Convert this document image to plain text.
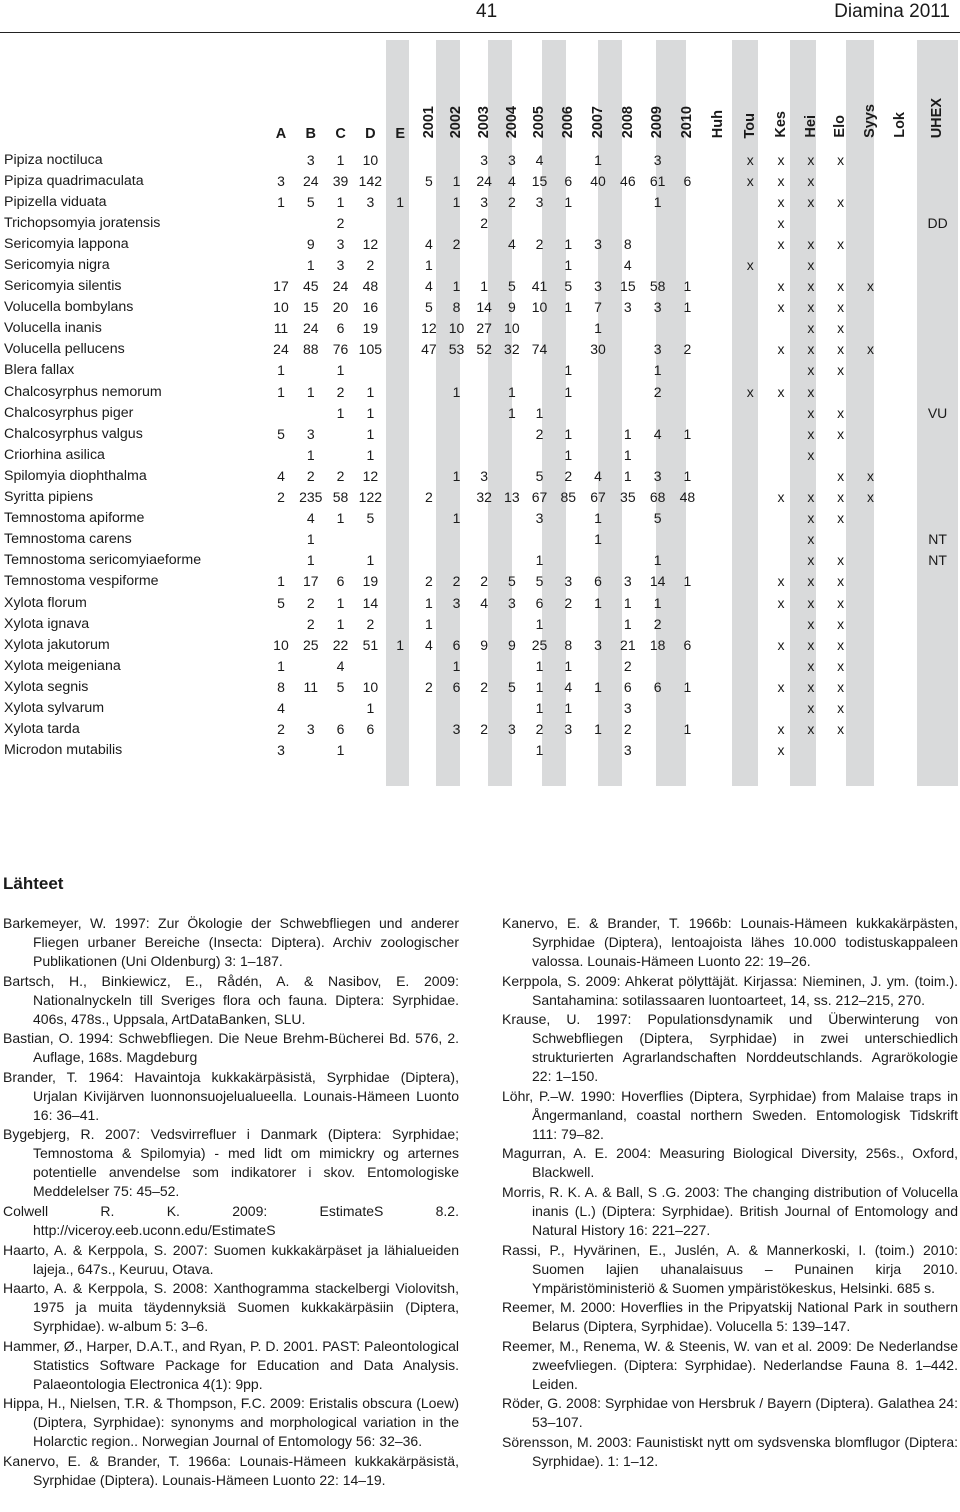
41	Diamina 2011
	A	B	C	D	E	2001	2002	2003	2004	2005	2006	2007	2008	2009	2010	Huh	Tou	Kes	Hei	Elo	Syys	Lok	UHEX
Pipiza noctiluca		3	1	10				3	3	4		1		3			x	x	x	x			
Pipiza quadrimaculata	3	24	39	142		5	1	24	4	15	6	40	46	61	6		x	x	x				
Pipizella viduata	1	5	1	3	1		1	3	2	3	1			1				x	x	x			
Trichopsomyia joratensis			2					2										x					DD
Sericomyia lappona		9	3	12		4	2		4	2	1	3	8					x	x	x			
Sericomyia nigra		1	3	2		1					1		4				x		x				
Sericomyia silentis	17	45	24	48		4	1	1	5	41	5	3	15	58	1			x	x	x	x		
Volucella bombylans	10	15	20	16		5	8	14	9	10	1	7	3	3	1			x	x	x			
Volucella inanis	11	24	6	19		12	10	27	10			1							x	x			
Volucella pellucens	24	88	76	105		47	53	52	32	74		30		3	2			x	x	x	x		
Blera fallax	1		1								1			1					x	x			
Chalcosyrphus nemorum	1	1	2	1			1		1		1			2			x	x	x				
Chalcosyrphus piger			1	1					1	1									x	x			VU
Chalcosyrphus valgus	5	3		1						2	1		1	4	1				x	x			
Criorhina asilica		1		1							1		1						x				
Spilomyia diophthalma	4	2	2	12			1	3		5	2	4	1	3	1					x	x		
Syritta pipiens	2	235	58	122		2		32	13	67	85	67	35	68	48			x	x	x	x		
Temnostoma apiforme		4	1	5			1			3		1		5					x	x			
Temnostoma carens		1										1							x				NT
Temnostoma sericomyiaeforme		1		1						1				1					x	x			NT
Temnostoma vespiforme	1	17	6	19		2	2	2	5	5	3	6	3	14	1			x	x	x			
Xylota florum	5	2	1	14		1	3	4	3	6	2	1	1	1				x	x	x			
Xylota ignava		2	1	2		1				1			1	2					x	x			
Xylota jakutorum	10	25	22	51	1	4	6	9	9	25	8	3	21	18	6			x	x	x			
Xylota meigeniana	1		4				1			1	1		2						x	x			
Xylota segnis	8	11	5	10		2	6	2	5	1	4	1	6	6	1			x	x	x			
Xylota sylvarum	4			1						1	1		3						x	x			
Xylota tarda	2	3	6	6			3	2	3	2	3	1	2		1			x	x	x			
Microdon mutabilis	3		1							1			3					x					
Lähteet

Barkemeyer, W. 1997: Zur Ökologie der Schwebfliegen und anderer Fliegen urbaner Bereiche (Insecta: Diptera). Archiv zoologischer Publikationen (Uni Oldenburg) 3: 1–187.

Bartsch, H., Binkiewicz, E., Rådén, A. & Nasibov, E. 2009: Nationalnyckeln till Sveriges flora och fauna. Diptera: Syrphidae. 406s, 478s., Uppsala, ArtDataBanken, SLU.

Bastian, O. 1994: Schwebfliegen. Die Neue Brehm-Bücherei Bd. 576, 2. Auflage, 168s. Magdeburg

Brander, T. 1964: Havaintoja kukkakärpäsistä, Syrphidae (Diptera), Urjalan Kivijärven luonnonsuojelualueella. Lounais-Hämeen Luonto 16: 36–41.

Bygebjerg, R. 2007: Vedsvirrefluer i Danmark (Diptera: Syrphidae; Temnostoma & Spilomyia) - med lidt om mimickry og arternes potentielle anvendelse som indikatorer i skov. Entomologiske Meddelelser 75: 45–52.

Colwell R. K. 2009: EstimateS 8.2. http://viceroy.eeb.uconn.edu/EstimateS

Haarto, A. & Kerppola, S. 2007: Suomen kukkakärpäset ja lähialueiden lajeja., 647s., Keuruu, Otava.

Haarto, A. & Kerppola, S. 2008: Xanthogramma stackelbergi Violovitsh, 1975 ja muita täydennyksiä Suomen kukkakärpäsiin (Diptera, Syrphidae). w-album 5: 3–6.

Hammer, Ø., Harper, D.A.T., and Ryan, P. D. 2001. PAST: Paleontological Statistics Software Package for Education and Data Analysis. Palaeontologia Electronica 4(1): 9pp.

Hippa, H., Nielsen, T.R. & Thompson, F.C. 2009: Eristalis obscura (Loew) (Diptera, Syrphidae): synonyms and morphological variation in the Holarctic region.. Norwegian Journal of Entomology 56: 32–36.

Kanervo, E. & Brander, T. 1966a: Lounais-Hämeen kukkakärpäsistä, Syrphidae (Diptera). Lounais-Hämeen Luonto 22: 14–19.

Kanervo, E. & Brander, T. 1966b: Lounais-Hämeen kukkakärpästen, Syrphidae (Diptera), lentoajoista lähes 10.000 todistuskappaleen valossa. Lounais-Hämeen Luonto 22: 19–26.

Kerppola, S. 2009: Ahkerat pölyttäjät. Kirjassa: Nieminen, J. ym. (toim.). Santahamina: sotilassaaren luontoarteet, 14, ss. 212–215, 270.

Krause, U. 1997: Populationsdynamik und Überwinterung von Schwebfliegen (Diptera, Syrphidae) in zwei unterschiedlich strukturierten Agrarlandschaften Norddeutschlands. Agrarökologie 22: 1–150.

Löhr, P.–W. 1990: Hoverflies (Diptera, Syrphidae) from Malaise traps in Ångermanland, coastal northern Sweden. Entomologisk Tidskrift 111: 79–82.

Magurran, A. E. 2004: Measuring Biological Diversity, 256s., Oxford, Blackwell.

Morris, R. K. A. & Ball, S .G. 2003: The changing distribution of Volucella inanis (L.) (Diptera: Syrphidae). British Journal of Entomology and Natural History 16: 221–227.

Rassi, P., Hyvärinen, E., Juslén, A. & Mannerkoski, I. (toim.) 2010: Suomen lajien uhanalaisuus – Punainen kirja 2010. Ympäristöministeriö & Suomen ympäristökeskus, Helsinki. 685 s.

Reemer, M. 2000: Hoverflies in the Pripyatskij National Park in southern Belarus (Diptera, Syrphidae). Volucella 5: 139–147.

Reemer, M., Renema, W. & Steenis, W. van et al. 2009: De Nederlandse zweefvliegen. (Diptera: Syrphidae). Nederlandse Fauna 8. 1–442. Leiden.

Röder, G. 2008: Syrphidae von Hersbruk / Bayern (Diptera). Galathea 24: 53–107.

Sörensson, M. 2003: Faunistiskt nytt om sydsvenska blomflugor (Diptera: Syrphidae). 1: 1–12.
